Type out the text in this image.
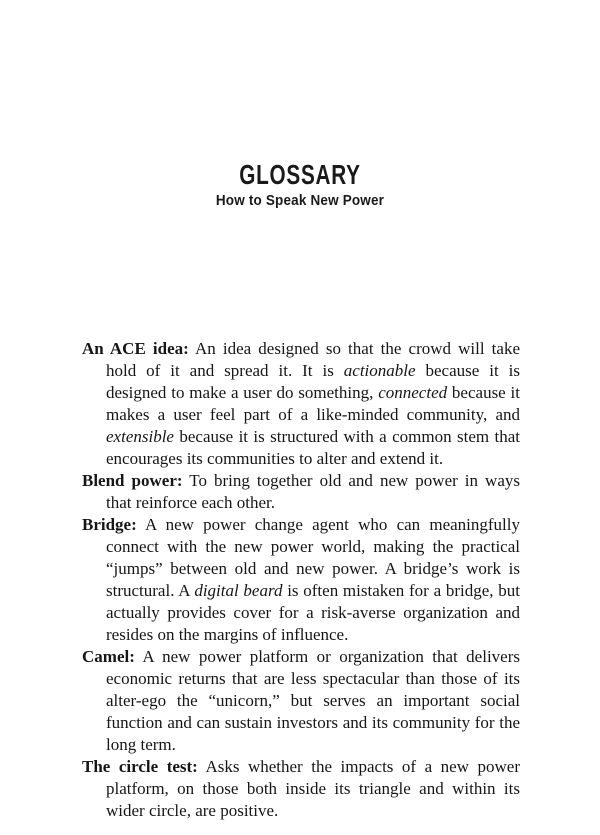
GLOSSARY
How to Speak New Power

An ACE idea: An idea designed so that the crowd will take hold of it and spread it. It is actionable because it is designed to make a user do something, connected because it makes a user feel part of a like-minded community, and extensible because it is structured with a common stem that encourages its communities to alter and extend it.

Blend power: To bring together old and new power in ways that reinforce each other.

Bridge: A new power change agent who can meaningfully connect with the new power world, making the practical “jumps” between old and new power. A bridge’s work is structural. A digital beard is often mistaken for a bridge, but actually provides cover for a risk-averse organization and resides on the margins of influence.

Camel: A new power platform or organization that delivers economic returns that are less spectacular than those of its alter-ego the “unicorn,” but serves an important social function and can sustain investors and its community for the long term.

The circle test: Asks whether the impacts of a new power platform, on those both inside its triangle and within its wider circle, are positive.
